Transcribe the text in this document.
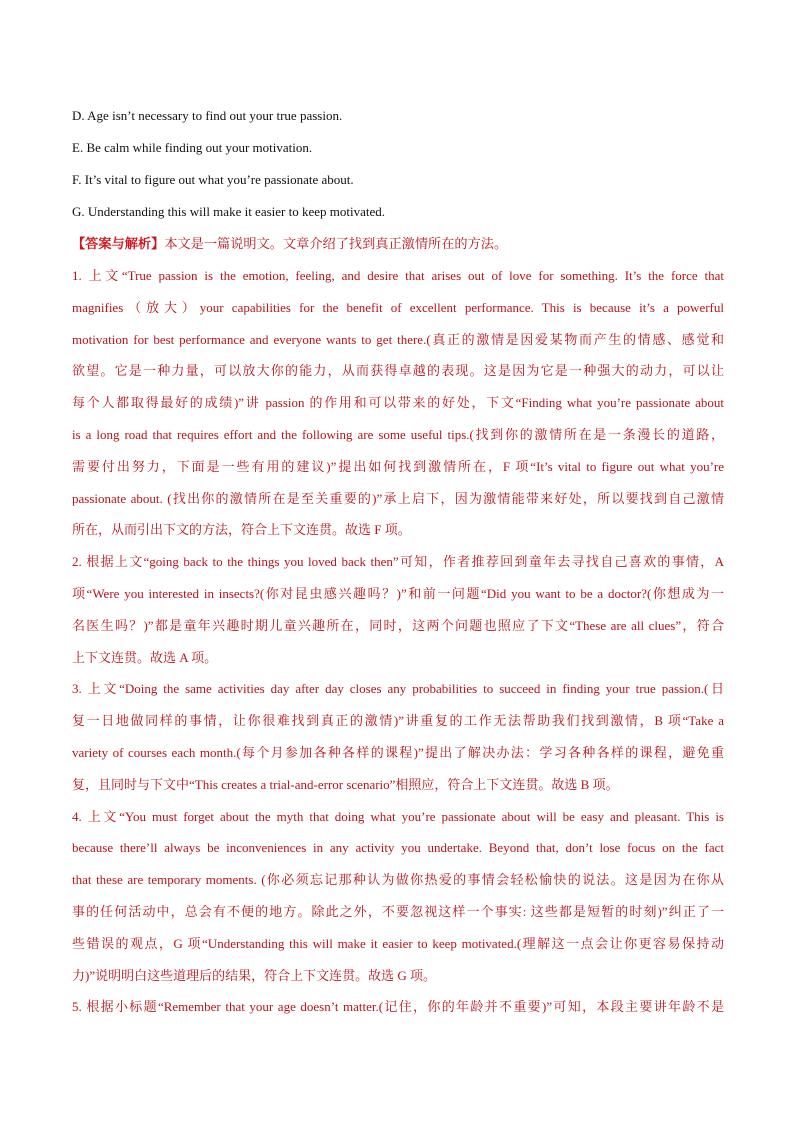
D. Age isn’t necessary to find out your true passion.
E. Be calm while finding out your motivation.
F. It’s vital to figure out what you’re passionate about.
G. Understanding this will make it easier to keep motivated.
【答案与解析】本文是一篇说明文。文章介绍了找到真正激情所在的方法。
1. 上文“True passion is the emotion, feeling, and desire that arises out of love for something. It’s the force that
magnifies（放大）your capabilities for the benefit of excellent performance. This is because it’s a powerful
motivation for best performance and everyone wants to get there.(真正的激情是因爱某物而产生的情感、感觉和
欲望。它是一种力量，可以放大你的能力，从而获得卓越的表现。这是因为它是一种强大的动力，可以让
每个人都取得最好的成绩)”讲 passion 的作用和可以带来的好处，下文“Finding what you’re passionate about
is a long road that requires effort and the following are some useful tips.(找到你的激情所在是一条漫长的道路，
需要付出努力，下面是一些有用的建议)”提出如何找到激情所在，F 项“It’s vital to figure out what you’re
passionate about. (找出你的激情所在是至关重要的)”承上启下，因为激情能带来好处，所以要找到自己激情
所在，从而引出下文的方法，符合上下文连贯。故选 F 项。
2. 根据上文“going back to the things you loved back then”可知，作者推荐回到童年去寻找自己喜欢的事情，A
项“Were you interested in insects?(你对昆虫感兴趣吗？)”和前一问题“Did you want to be a doctor?(你想成为一
名医生吗？)”都是童年兴趣时期儿童兴趣所在，同时，这两个问题也照应了下文“These are all clues”，符合
上下文连贯。故选 A 项。
3. 上文“Doing the same activities day after day closes any probabilities to succeed in finding your true passion.(日
复一日地做同样的事情，让你很难找到真正的激情)”讲重复的工作无法帮助我们找到激情，B 项“Take a
variety of courses each month.(每个月参加各种各样的课程)”提出了解决办法：学习各种各样的课程，避免重
复，且同时与下文中“This creates a trial-and-error scenario”相照应，符合上下文连贯。故选 B 项。
4. 上文“You must forget about the myth that doing what you’re passionate about will be easy and pleasant. This is
because there’ll always be inconveniences in any activity you undertake. Beyond that, don’t lose focus on the fact
that these are temporary moments. (你必须忘记那种认为做你热爱的事情会轻松愉快的说法。这是因为在你从
事的任何活动中，总会有不便的地方。除此之外，不要忽视这样一个事实: 这些都是短暂的时刻)”纠正了一
些错误的观点，G 项“Understanding this will make it easier to keep motivated.(理解这一点会让你更容易保持动
力)”说明明白这些道理后的结果，符合上下文连贯。故选 G 项。
5. 根据小标题“Remember that your age doesn’t matter.(记住，你的年龄并不重要)”可知，本段主要讲年龄不是
